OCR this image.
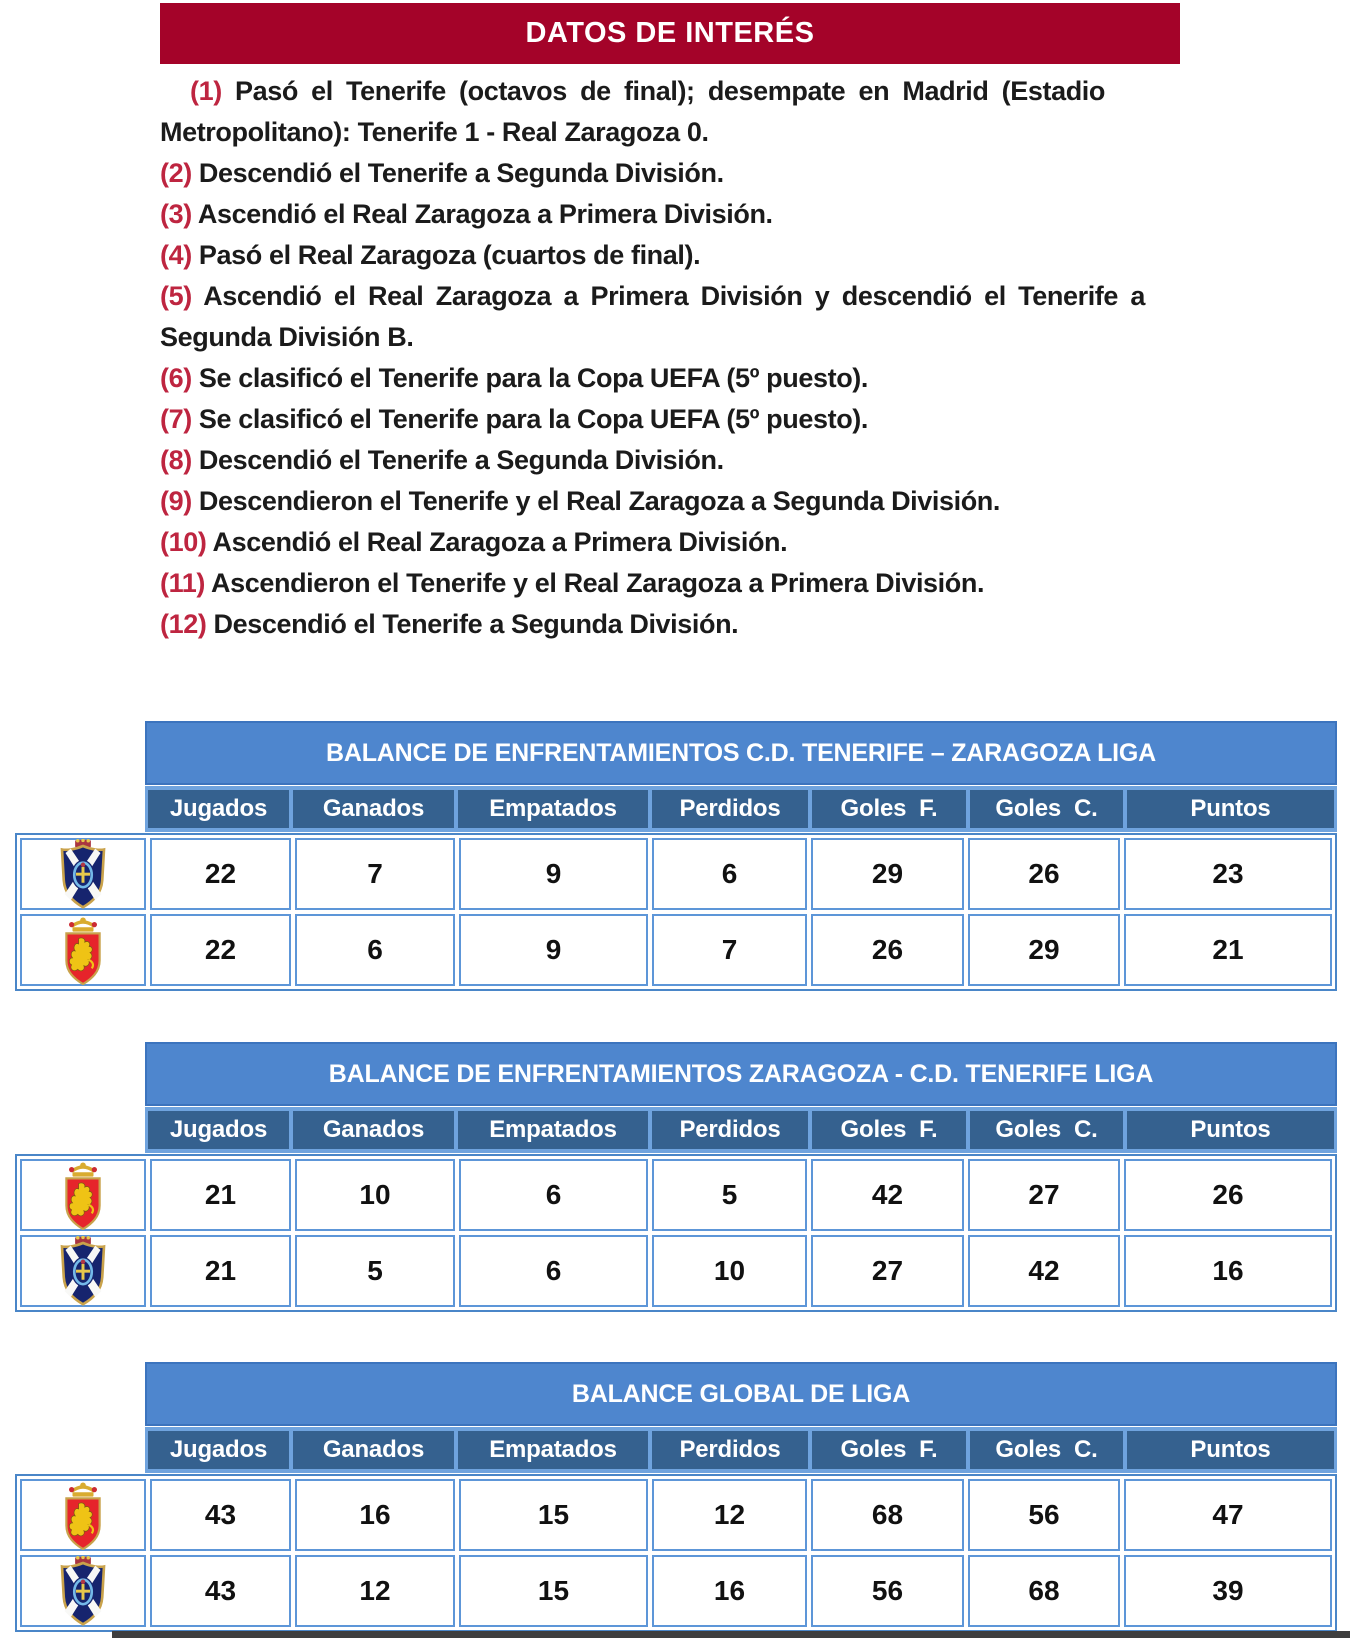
DATOS DE INTERÉS

(1) Pasó el Tenerife (octavos de final); desempate en Madrid (Estadio Metropolitano): Tenerife 1 - Real Zaragoza 0.

(2) Descendió el Tenerife a Segunda División.

(3) Ascendió el Real Zaragoza a Primera División.

(4) Pasó el Real Zaragoza (cuartos de final).

(5) Ascendió el Real Zaragoza a Primera División y descendió el Tenerife a Segunda División B.

(6) Se clasificó el Tenerife para la Copa UEFA (5º puesto).

(7) Se clasificó el Tenerife para la Copa UEFA (5º puesto).

(8) Descendió el Tenerife a Segunda División.

(9) Descendieron el Tenerife y el Real Zaragoza a Segunda División.

(10) Ascendió el Real Zaragoza a Primera División.

(11) Ascendieron el Tenerife y el Real Zaragoza a Primera División.

(12) Descendió el Tenerife a Segunda División.

BALANCE DE ENFRENTAMIENTOS C.D. TENERIFE – ZARAGOZA LIGA
Jugados	Ganados	Empatados	Perdidos	Goles  F.	Goles  C.	Puntos
22	7	9	6	29	26	23
22	6	9	7	26	29	21
BALANCE DE ENFRENTAMIENTOS ZARAGOZA - C.D. TENERIFE LIGA
Jugados	Ganados	Empatados	Perdidos	Goles  F.	Goles  C.	Puntos
21	10	6	5	42	27	26
21	5	6	10	27	42	16
BALANCE GLOBAL DE LIGA
Jugados	Ganados	Empatados	Perdidos	Goles  F.	Goles  C.	Puntos
43	16	15	12	68	56	47
43	12	15	16	56	68	39
